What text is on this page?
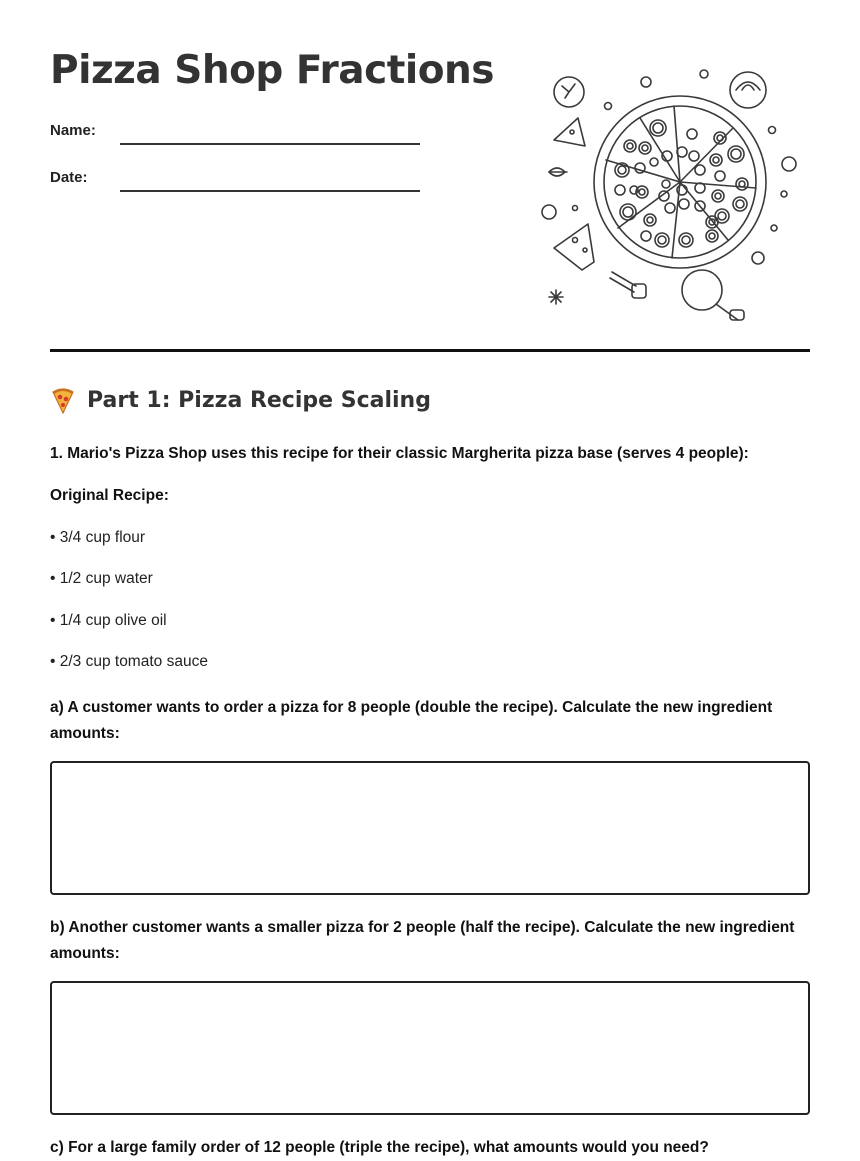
Pizza Shop Fractions
Name:
Date:
Part 1: Pizza Recipe Scaling
1. Mario's Pizza Shop uses this recipe for their classic Margherita pizza base (serves 4 people):
Original Recipe:
• 3/4 cup flour
• 1/2 cup water
• 1/4 cup olive oil
• 2/3 cup tomato sauce
a) A customer wants to order a pizza for 8 people (double the recipe). Calculate the new ingredient amounts:
b) Another customer wants a smaller pizza for 2 people (half the recipe). Calculate the new ingredient amounts:
c) For a large family order of 12 people (triple the recipe), what amounts would you need?
